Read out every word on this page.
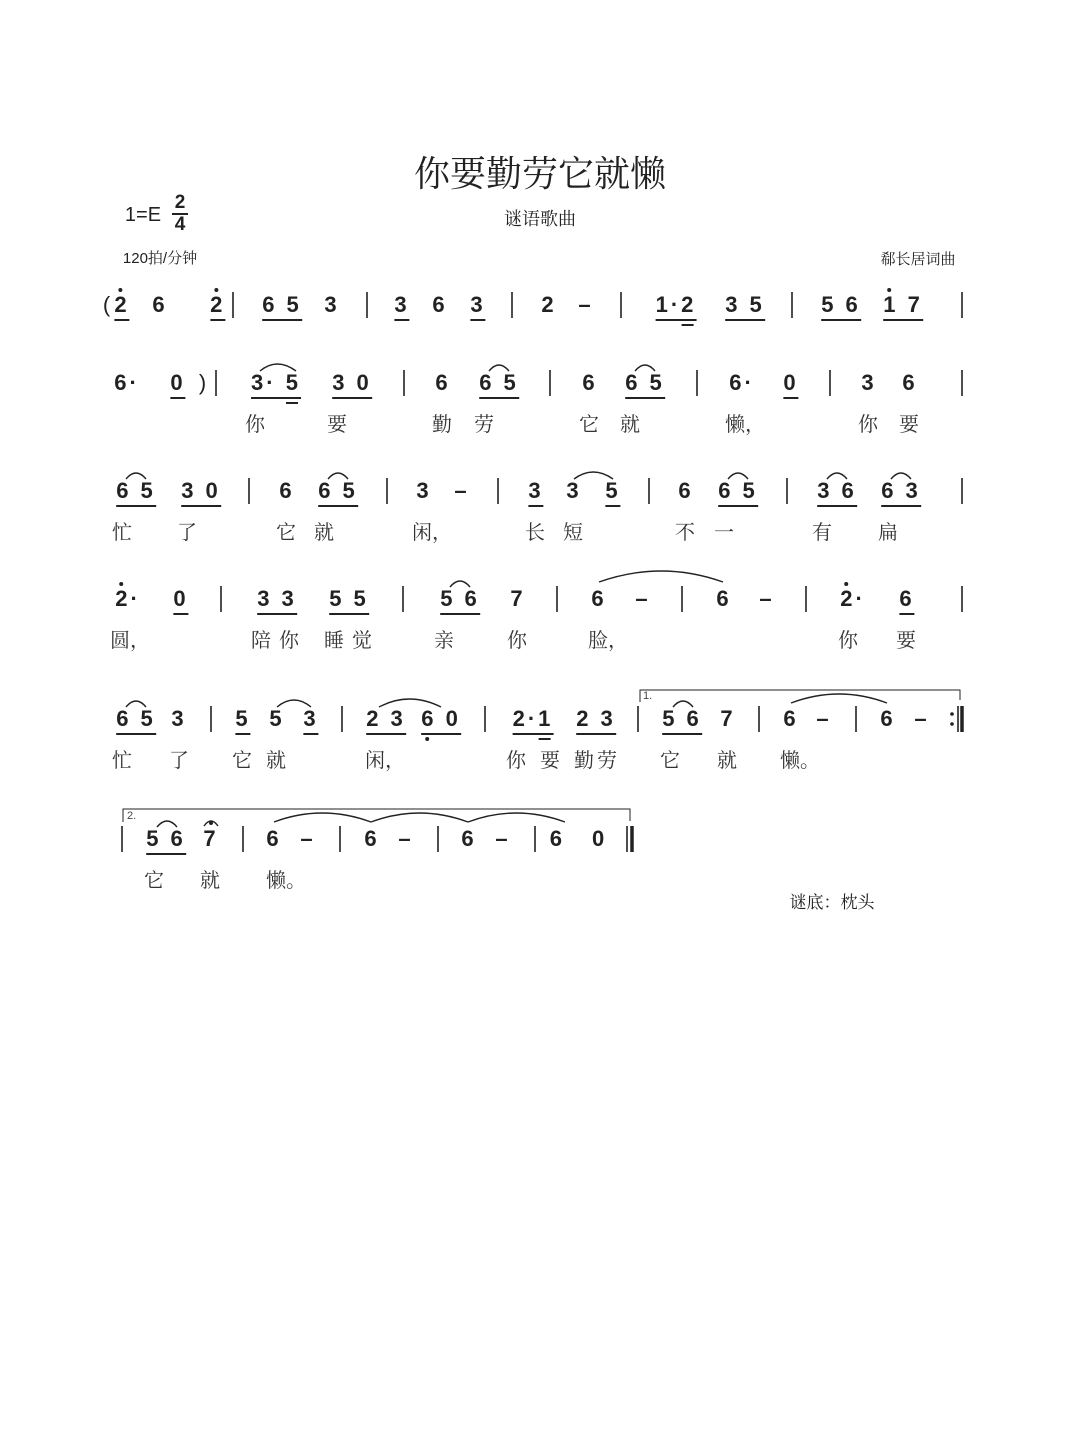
你要勤劳它就懒
1=E
2
4	谜语歌曲
120拍/分钟	郗长居词曲
( 2 6 2 6 5 3 3 6 3	2 –	1·2 3 5	5 6 1 7
6· 0 ) 3· 5 3 0	6 6 5	6 6 5	6· 0	3 6
你	要	勤 劳	它 就	懒，	你 要
6 5 3 0	6 6 5	3 –	3 3 5	6 6 5	3 6 6 3
忙 了	它 就	闲，	长 短	不 一	有 扁
2· 0	3 3 5 5	5 6 7	6 –	6 –	2· 6
圆，	陪 你 睡 觉	亲	你	脸，	你 要
6 5 3 5 5 3 2 3 6 0 2·1 2 3
1.
5 6 7 6 – 6 –
忙 了 它 就	闲，	你 要 勤 劳 它 就 懒。
2.
5 6 7 6 – 6 – 6 – 6 0
它 就 懒。
谜底：枕头
